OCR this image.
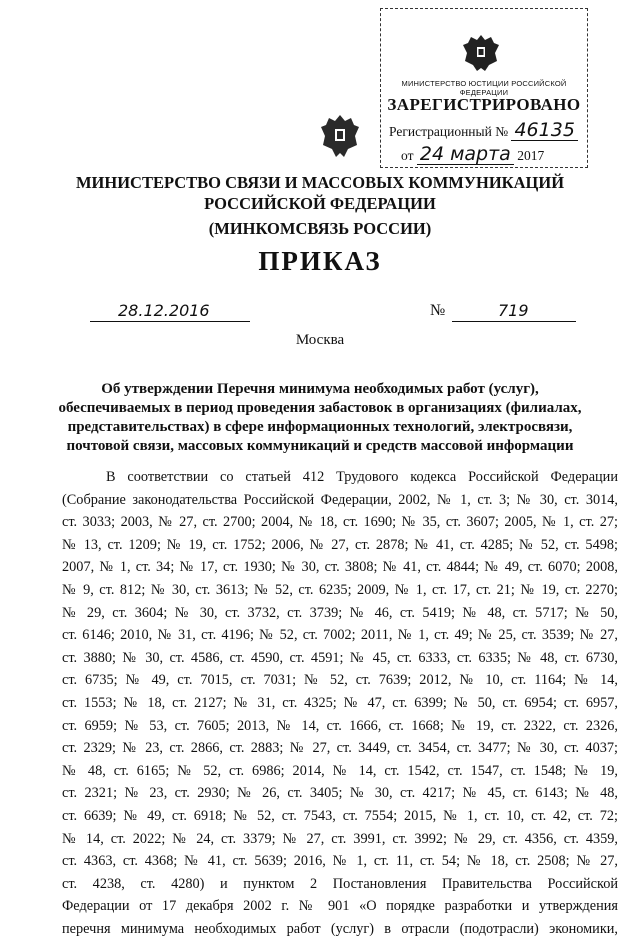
МИНИСТЕРСТВО ЮСТИЦИИ РОССИЙСКОЙ ФЕДЕРАЦИИ
ЗАРЕГИСТРИРОВАНО
Регистрационный № 46135
от 24 марта 2017
МИНИСТЕРСТВО СВЯЗИ И МАССОВЫХ КОММУНИКАЦИЙ
РОССИЙСКОЙ ФЕДЕРАЦИИ
(МИНКОМСВЯЗЬ РОССИИ)
ПРИКАЗ
28.12.2016	№	719
Москва
Об утверждении Перечня минимума необходимых работ (услуг),
обеспечиваемых в период проведения забастовок в организациях (филиалах,
представительствах) в сфере информационных технологий, электросвязи,
почтовой связи, массовых коммуникаций и средств массовой информации
В соответствии со статьей 412 Трудового кодекса Российской Федерации
(Собрание законодательства Российской Федерации, 2002, № 1, ст. 3; № 30, ст. 3014,
ст. 3033; 2003, № 27, ст. 2700; 2004, № 18, ст. 1690; № 35, ст. 3607; 2005, № 1, ст. 27;
№ 13, ст. 1209; № 19, ст. 1752; 2006, № 27, ст. 2878; № 41, ст. 4285; № 52, ст. 5498;
2007, № 1, ст. 34; № 17, ст. 1930; № 30, ст. 3808; № 41, ст. 4844; № 49, ст. 6070; 2008,
№ 9, ст. 812; № 30, ст. 3613; № 52, ст. 6235; 2009, № 1, ст. 17, ст. 21; № 19, ст. 2270;
№ 29, ст. 3604; № 30, ст. 3732, ст. 3739; № 46, ст. 5419; № 48, ст. 5717; № 50,
ст. 6146; 2010, № 31, ст. 4196; № 52, ст. 7002; 2011, № 1, ст. 49; № 25, ст. 3539; № 27,
ст. 3880; № 30, ст. 4586, ст. 4590, ст. 4591; № 45, ст. 6333, ст. 6335; № 48, ст. 6730,
ст. 6735; № 49, ст. 7015, ст. 7031; № 52, ст. 7639; 2012, № 10, ст. 1164; № 14,
ст. 1553; № 18, ст. 2127; № 31, ст. 4325; № 47, ст. 6399; № 50, ст. 6954; ст. 6957,
ст. 6959; № 53, ст. 7605; 2013, № 14, ст. 1666, ст. 1668; № 19, ст. 2322, ст. 2326,
ст. 2329; № 23, ст. 2866, ст. 2883; № 27, ст. 3449, ст. 3454, ст. 3477; № 30, ст. 4037;
№ 48, ст. 6165; № 52, ст. 6986; 2014, № 14, ст. 1542, ст. 1547, ст. 1548; № 19,
ст. 2321; № 23, ст. 2930; № 26, ст. 3405; № 30, ст. 4217; № 45, ст. 6143; № 48,
ст. 6639; № 49, ст. 6918; № 52, ст. 7543, ст. 7554; 2015, № 1, ст. 10, ст. 42, ст. 72;
№ 14, ст. 2022; № 24, ст. 3379; № 27, ст. 3991, ст. 3992; № 29, ст. 4356, ст. 4359,
ст. 4363, ст. 4368; № 41, ст. 5639; 2016, № 1, ст. 11, ст. 54; № 18, ст. 2508; № 27,
ст. 4238, ст. 4280) и пунктом 2 Постановления Правительства Российской
Федерации от 17 декабря 2002 г. № 901 «О порядке разработки и утверждения
перечня минимума необходимых работ (услуг) в отрасли (подотрасли) экономики,
